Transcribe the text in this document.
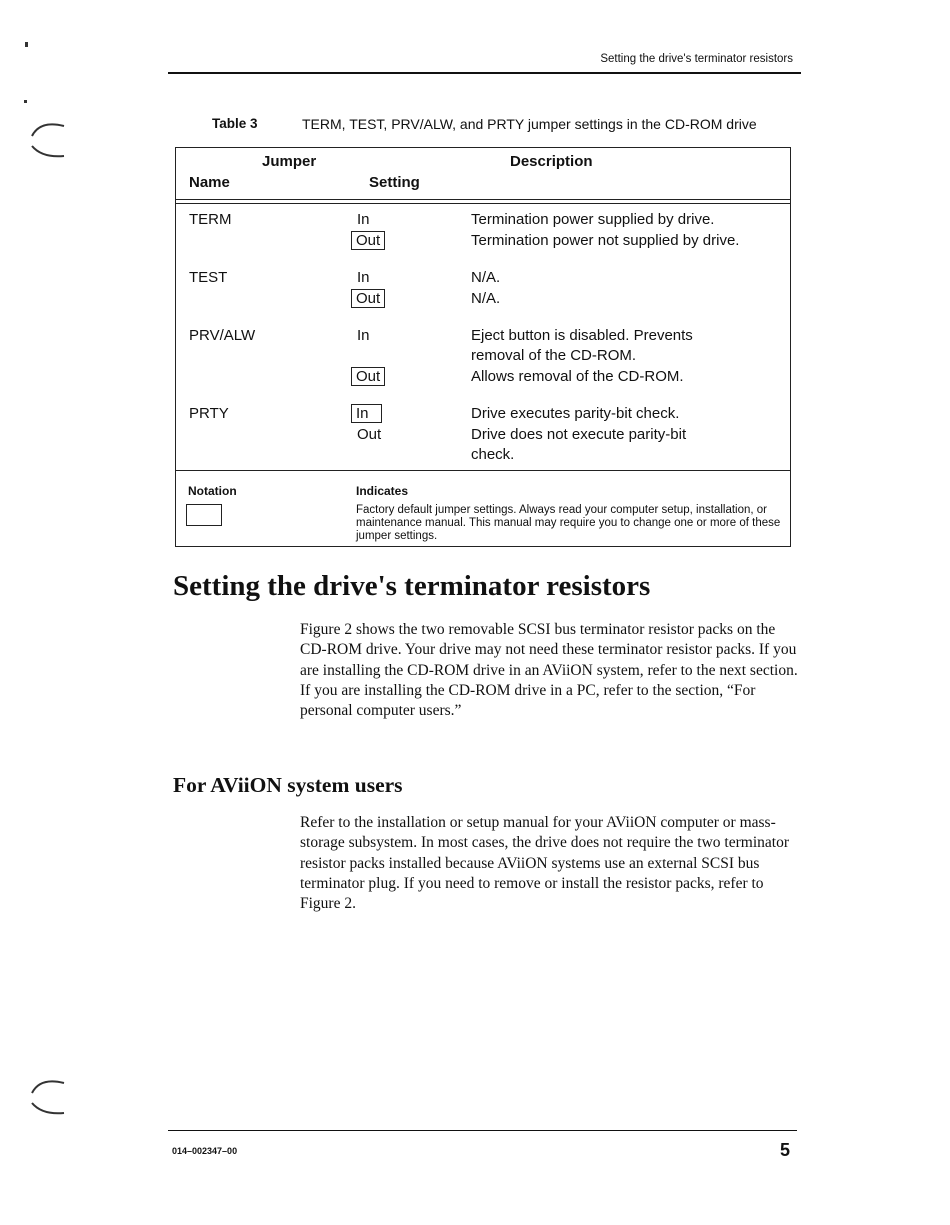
Setting the drive's terminator resistors
Table 3	TERM, TEST, PRV/ALW, and PRTY jumper settings in the CD-ROM drive
Jumper
Name	Setting
Description
TERM	In	Termination power supplied by drive.
Out	Termination power not supplied by drive.
TEST	In	N/A.
Out	N/A.
PRV/ALW	In	Eject button is disabled. Prevents
removal of the CD-ROM.
Out	Allows removal of the CD-ROM.
PRTY	In	Drive executes parity-bit check.
Out	Drive does not execute parity-bit
check.
Notation	Indicates
Factory default jumper settings. Always read your computer setup, installation, or maintenance manual. This manual may require you to change one or more of these jumper settings.
Setting the drive's terminator resistors
Figure 2 shows the two removable SCSI bus terminator resistor packs on the CD-ROM drive. Your drive may not need these terminator resistor packs. If you are installing the CD-ROM drive in an AViiON system, refer to the next section. If you are installing the CD-ROM drive in a PC, refer to the section, “For personal computer users.”
For AViiON system users
Refer to the installation or setup manual for your AViiON computer or mass-storage subsystem. In most cases, the drive does not require the two terminator resistor packs installed because AViiON systems use an external SCSI bus terminator plug. If you need to remove or install the resistor packs, refer to Figure 2.
014–002347–00	5
